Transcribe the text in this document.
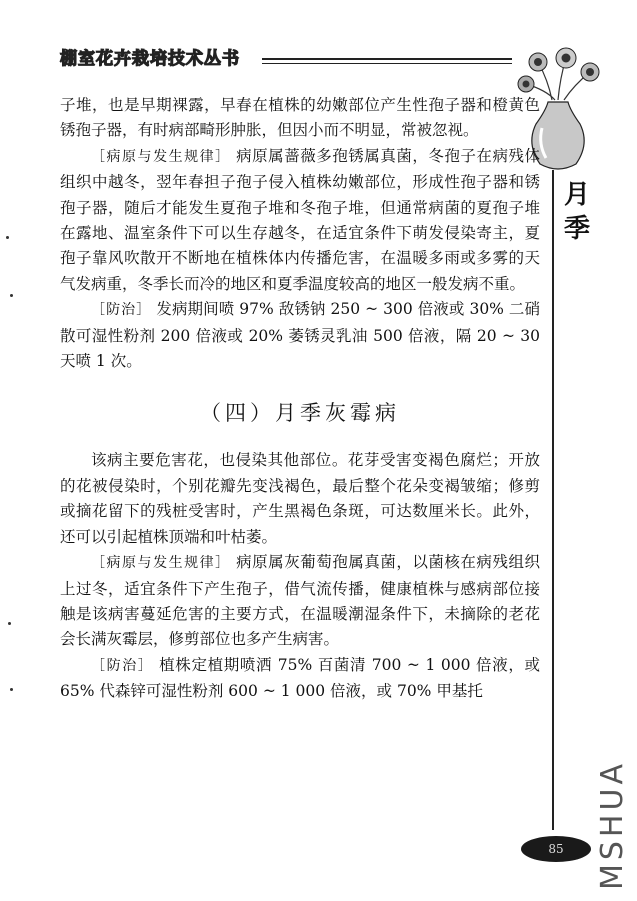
棚室花卉栽培技术丛书
月季

子堆，也是早期裸露，早春在植株的幼嫩部位产生性孢子器和橙黄色锈孢子器，有时病部畸形肿胀，但因小而不明显，常被忽视。

［病原与发生规律］ 病原属蔷薇多孢锈属真菌，冬孢子在病残体组织中越冬，翌年春担子孢子侵入植株幼嫩部位，形成性孢子器和锈孢子器，随后才能发生夏孢子堆和冬孢子堆，但通常病菌的夏孢子堆在露地、温室条件下可以生存越冬，在适宜条件下萌发侵染寄主，夏孢子靠风吹散开不断地在植株体内传播危害，在温暖多雨或多雾的天气发病重，冬季长而冷的地区和夏季温度较高的地区一般发病不重。

［防治］ 发病期间喷 97% 敌锈钠 250 ~ 300 倍液或 30% 二硝散可湿性粉剂 200 倍液或 20% 萎锈灵乳油 500 倍液，隔 20 ~ 30 天喷 1 次。

（四）月季灰霉病

该病主要危害花，也侵染其他部位。花芽受害变褐色腐烂；开放的花被侵染时，个别花瓣先变浅褐色，最后整个花朵变褐皱缩；修剪或摘花留下的残桩受害时，产生黑褐色条斑，可达数厘米长。此外，还可以引起植株顶端和叶枯萎。

［病原与发生规律］ 病原属灰葡萄孢属真菌，以菌核在病残组织上过冬，适宜条件下产生孢子，借气流传播，健康植株与感病部位接触是该病害蔓延危害的主要方式，在温暖潮湿条件下，未摘除的老花会长满灰霉层，修剪部位也多产生病害。

［防治］ 植株定植期喷洒 75% 百菌清 700 ~ 1 000 倍液，或 65% 代森锌可湿性粉剂 600 ~ 1 000 倍液，或 70% 甲基托

85	MSHUA
